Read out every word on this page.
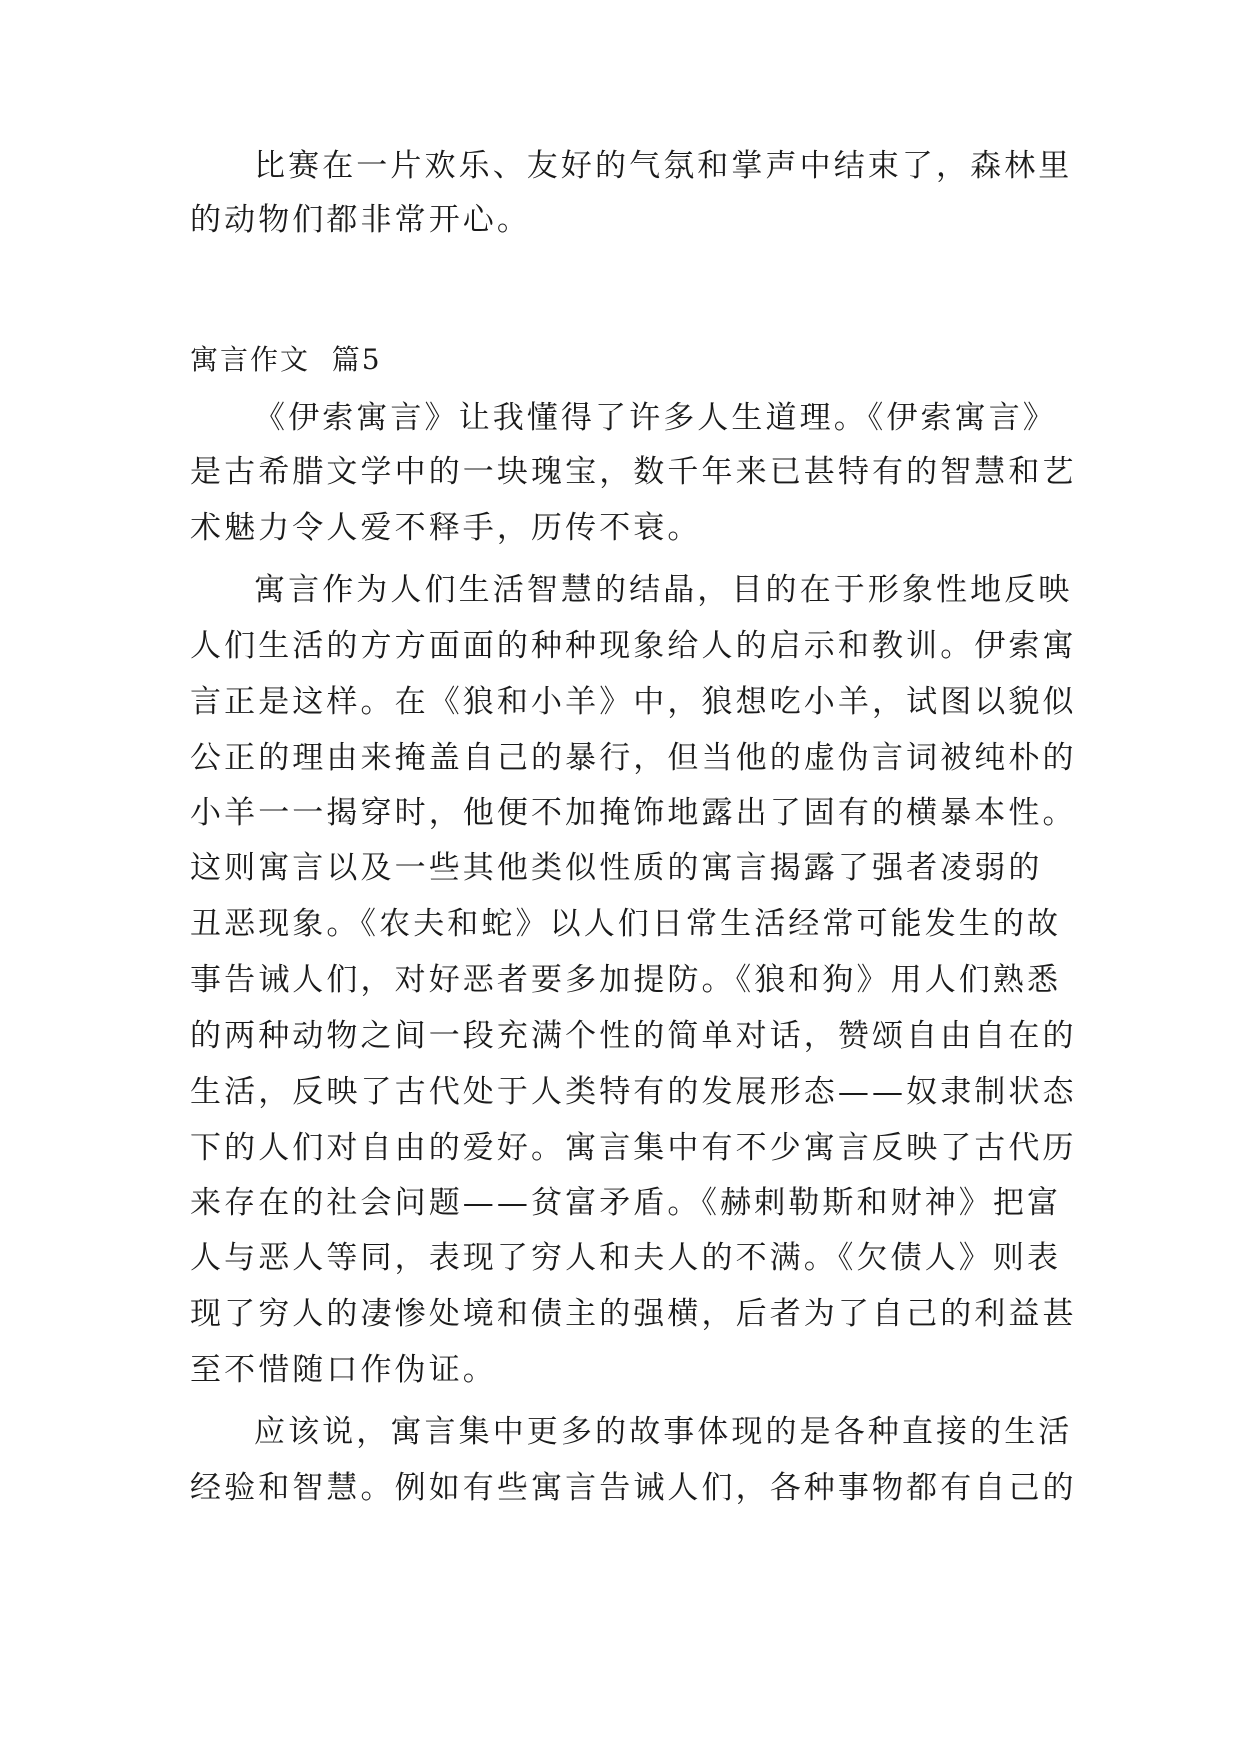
比赛在一片欢乐、友好的气氛和掌声中结束了，森林里
的动物们都非常开心。
寓言作文  篇5
《伊索寓言》让我懂得了许多人生道理。《伊索寓言》
是古希腊文学中的一块瑰宝，数千年来已甚特有的智慧和艺
术魅力令人爱不释手，历传不衰。
寓言作为人们生活智慧的结晶，目的在于形象性地反映
人们生活的方方面面的种种现象给人的启示和教训。伊索寓
言正是这样。在《狼和小羊》中，狼想吃小羊，试图以貌似
公正的理由来掩盖自己的暴行，但当他的虚伪言词被纯朴的
小羊一一揭穿时，他便不加掩饰地露出了固有的横暴本性。
这则寓言以及一些其他类似性质的寓言揭露了强者凌弱的
丑恶现象。《农夫和蛇》以人们日常生活经常可能发生的故
事告诫人们，对好恶者要多加提防。《狼和狗》用人们熟悉
的两种动物之间一段充满个性的简单对话，赞颂自由自在的
生活，反映了古代处于人类特有的发展形态——奴隶制状态
下的人们对自由的爱好。寓言集中有不少寓言反映了古代历
来存在的社会问题——贫富矛盾。《赫剌勒斯和财神》把富
人与恶人等同，表现了穷人和夫人的不满。《欠债人》则表
现了穷人的凄惨处境和债主的强横，后者为了自己的利益甚
至不惜随口作伪证。
应该说，寓言集中更多的故事体现的是各种直接的生活
经验和智慧。例如有些寓言告诫人们，各种事物都有自己的
